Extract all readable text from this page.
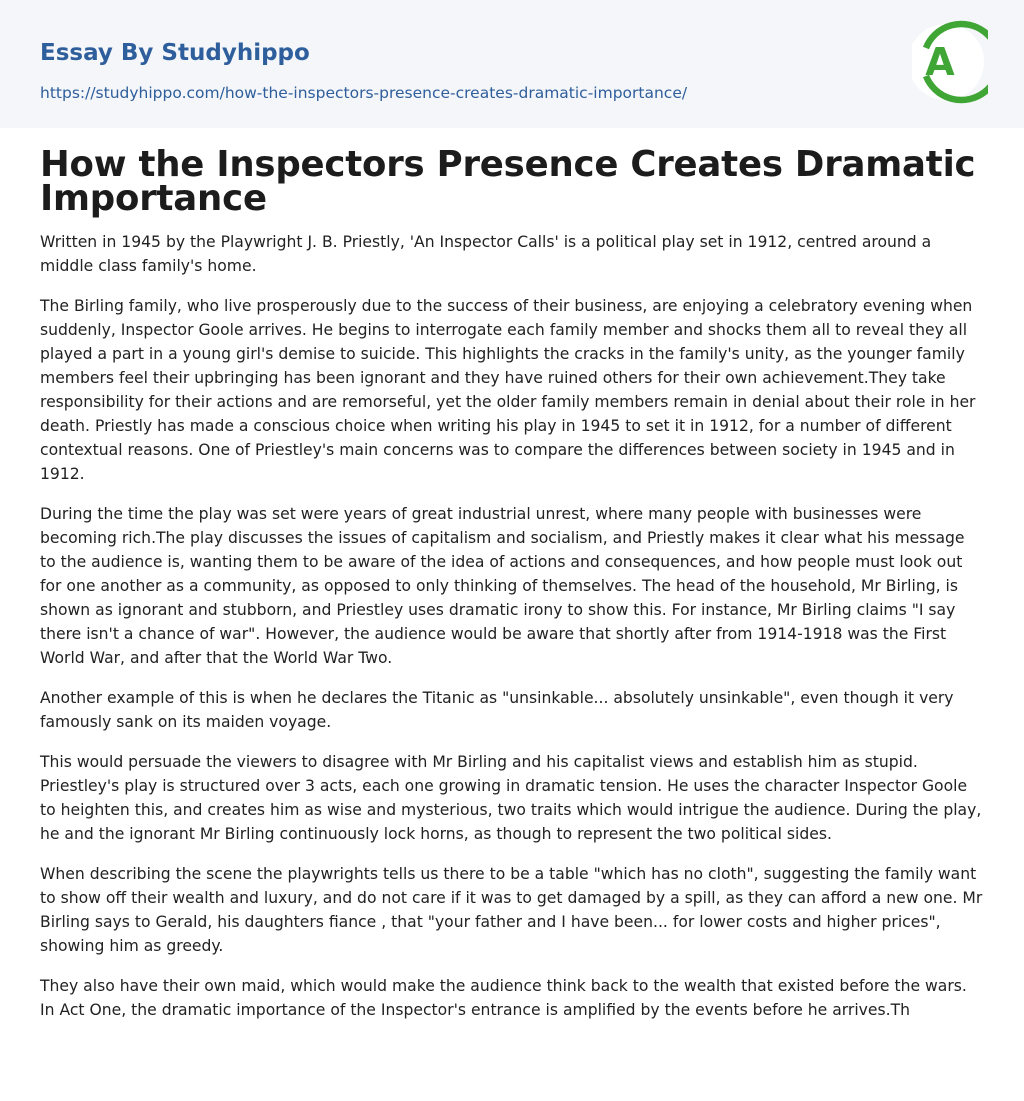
Essay By Studyhippo
https://studyhippo.com/how-the-inspectors-presence-creates-dramatic-importance/
A
How the Inspectors Presence Creates Dramatic Importance

Written in 1945 by the Playwright J. B. Priestly, 'An Inspector Calls' is a political play set in 1912, centred around a middle class family's home.

The Birling family, who live prosperously due to the success of their business, are enjoying a celebratory evening when suddenly, Inspector Goole arrives. He begins to interrogate each family member and shocks them all to reveal they all played a part in a young girl's demise to suicide. This highlights the cracks in the family's unity, as the younger family members feel their upbringing has been ignorant and they have ruined others for their own achievement.They take responsibility for their actions and are remorseful, yet the older family members remain in denial about their role in her death. Priestly has made a conscious choice when writing his play in 1945 to set it in 1912, for a number of different contextual reasons. One of Priestley's main concerns was to compare the differences between society in 1945 and in 1912.

During the time the play was set were years of great industrial unrest, where many people with businesses were becoming rich.The play discusses the issues of capitalism and socialism, and Priestly makes it clear what his message to the audience is, wanting them to be aware of the idea of actions and consequences, and how people must look out for one another as a community, as opposed to only thinking of themselves. The head of the household, Mr Birling, is shown as ignorant and stubborn, and Priestley uses dramatic irony to show this. For instance, Mr Birling claims "I say there isn't a chance of war". However, the audience would be aware that shortly after from 1914-1918 was the First World War, and after that the World War Two.

Another example of this is when he declares the Titanic as "unsinkable... absolutely unsinkable", even though it very famously sank on its maiden voyage.

This would persuade the viewers to disagree with Mr Birling and his capitalist views and establish him as stupid. Priestley's play is structured over 3 acts, each one growing in dramatic tension. He uses the character Inspector Goole to heighten this, and creates him as wise and mysterious, two traits which would intrigue the audience. During the play, he and the ignorant Mr Birling continuously lock horns, as though to represent the two political sides.

When describing the scene the playwrights tells us there to be a table "which has no cloth", suggesting the family want to show off their wealth and luxury, and do not care if it was to get damaged by a spill, as they can afford a new one. Mr Birling says to Gerald, his daughters fiance , that "your father and I have been... for lower costs and higher prices", showing him as greedy.

They also have their own maid, which would make the audience think back to the wealth that existed before the wars. In Act One, the dramatic importance of the Inspector's entrance is amplified by the events before he arrives.Th
